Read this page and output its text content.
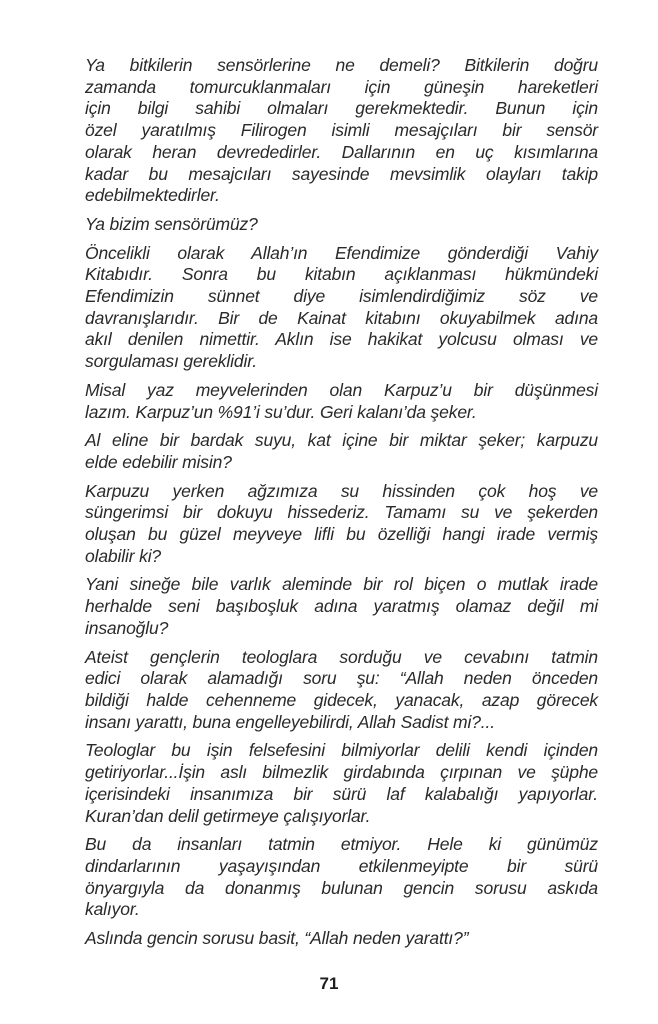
Ya bitkilerin sensörlerine ne demeli? Bitkilerin doğru
zamanda tomurcuklanmaları için güneşin hareketleri
için bilgi sahibi olmaları gerekmektedir. Bunun için
özel yaratılmış Filirogen isimli mesajçıları bir sensör
olarak heran devrededirler. Dallarının en uç kısımlarına
kadar bu mesajcıları sayesinde mevsimlik olayları takip
edebilmektedirler.
Ya bizim sensörümüz?
Öncelikli olarak Allah’ın Efendimize gönderdiği Vahiy
Kitabıdır. Sonra bu kitabın açıklanması hükmündeki
Efendimizin sünnet diye isimlendirdiğimiz söz ve
davranışlarıdır. Bir de Kainat kitabını okuyabilmek adına
akıl denilen nimettir. Aklın ise hakikat yolcusu olması ve
sorgulaması gereklidir.
Misal yaz meyvelerinden olan Karpuz’u bir düşünmesi
lazım. Karpuz’un %91’i su’dur. Geri kalanı’da şeker.
Al eline bir bardak suyu, kat içine bir miktar şeker; karpuzu
elde edebilir misin?
Karpuzu yerken ağzımıza su hissinden çok hoş ve
süngerimsi bir dokuyu hissederiz. Tamamı su ve şekerden
oluşan bu güzel meyveye lifli bu özelliği hangi irade vermiş
olabilir ki?
Yani sineğe bile varlık aleminde bir rol biçen o mutlak irade
herhalde seni başıboşluk adına yaratmış olamaz değil mi
insanoğlu?
Ateist gençlerin teologlara sorduğu ve cevabını tatmin
edici olarak alamadığı soru şu: “Allah neden önceden
bildiği halde cehenneme gidecek, yanacak, azap görecek
insanı yarattı, buna engelleyebilirdi, Allah Sadist mi?...
Teologlar bu işin felsefesini bilmiyorlar delili kendi içinden
getiriyorlar...İşin aslı bilmezlik girdabında çırpınan ve şüphe
içerisindeki insanımıza bir sürü laf kalabalığı yapıyorlar.
Kuran’dan delil getirmeye çalışıyorlar.
Bu da insanları tatmin etmiyor. Hele ki günümüz
dindarlarının yaşayışından etkilenmeyipte bir sürü
önyargıyla da donanmış bulunan gencin sorusu askıda
kalıyor.
Aslında gencin sorusu basit, “Allah neden yarattı?”
71
